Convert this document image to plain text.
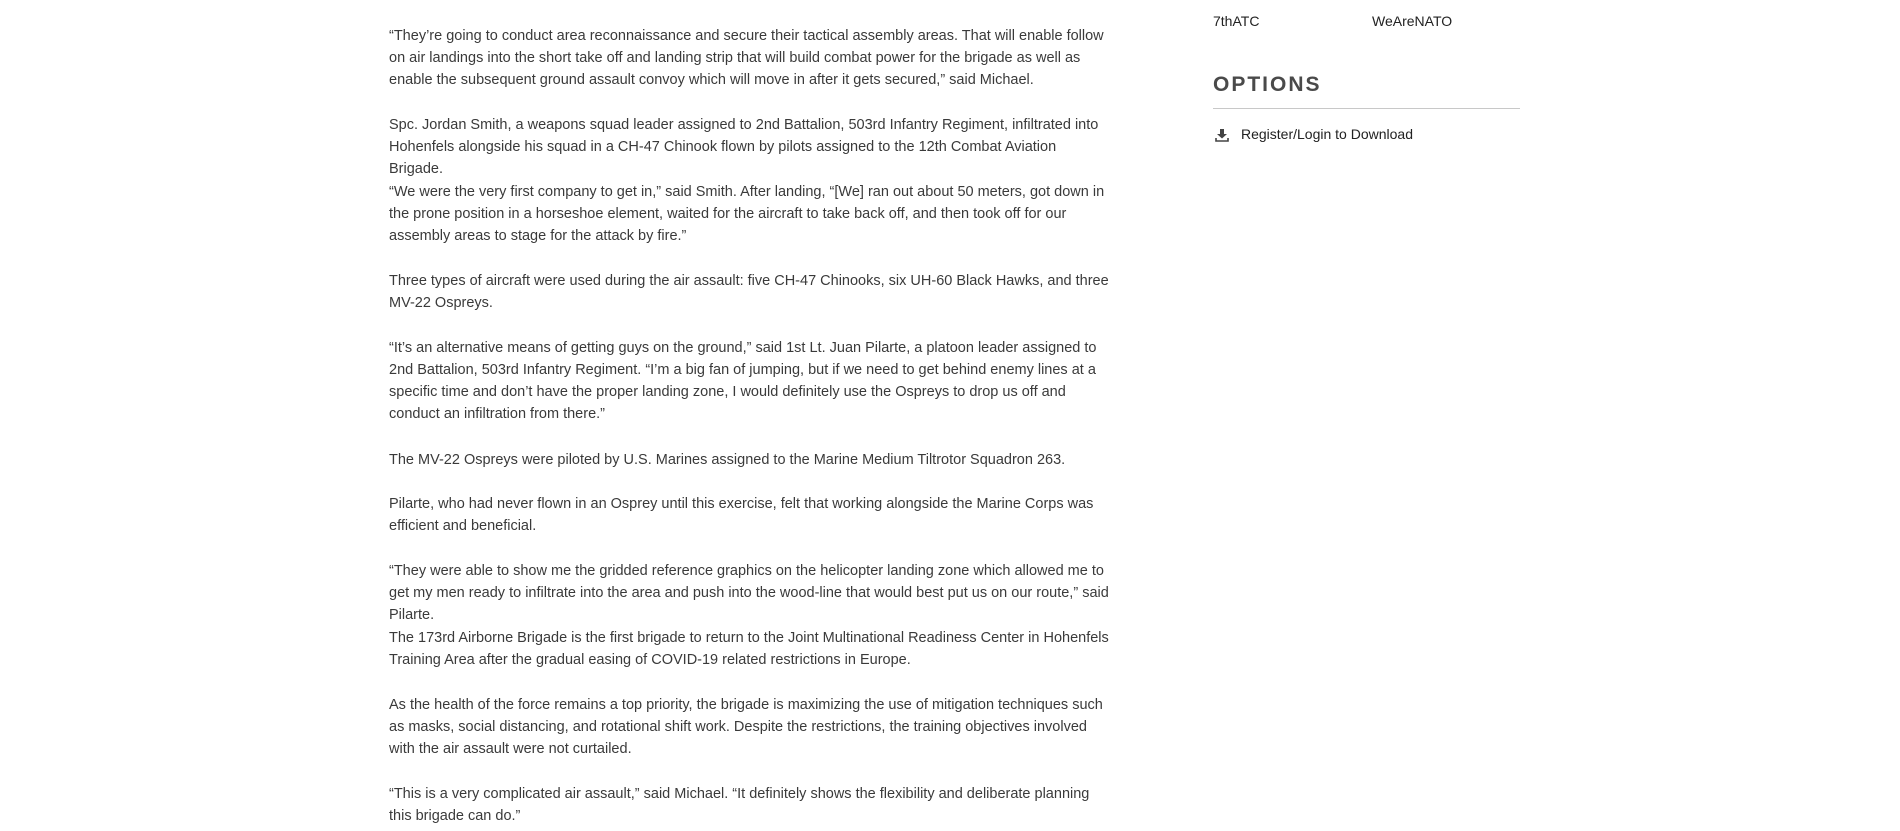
“They’re going to conduct area reconnaissance and secure their tactical assembly areas. That will enable follow on air landings into the short take off and landing strip that will build combat power for the brigade as well as enable the subsequent ground assault convoy which will move in after it gets secured,” said Michael.

Spc. Jordan Smith, a weapons squad leader assigned to 2nd Battalion, 503rd Infantry Regiment, infiltrated into Hohenfels alongside his squad in a CH-47 Chinook flown by pilots assigned to the 12th Combat Aviation Brigade.

“We were the very first company to get in,” said Smith. After landing, “[We] ran out about 50 meters, got down in the prone position in a horseshoe element, waited for the aircraft to take back off, and then took off for our assembly areas to stage for the attack by fire.”

Three types of aircraft were used during the air assault: five CH-47 Chinooks, six UH-60 Black Hawks, and three MV-22 Ospreys.

“It’s an alternative means of getting guys on the ground,” said 1st Lt. Juan Pilarte, a platoon leader assigned to 2nd Battalion, 503rd Infantry Regiment. “I’m a big fan of jumping, but if we need to get behind enemy lines at a specific time and don’t have the proper landing zone, I would definitely use the Ospreys to drop us off and conduct an infiltration from there.”

The MV-22 Ospreys were piloted by U.S. Marines assigned to the Marine Medium Tiltrotor Squadron 263.

Pilarte, who had never flown in an Osprey until this exercise, felt that working alongside the Marine Corps was efficient and beneficial.

“They were able to show me the gridded reference graphics on the helicopter landing zone which allowed me to get my men ready to infiltrate into the area and push into the wood-line that would best put us on our route,” said Pilarte.

The 173rd Airborne Brigade is the first brigade to return to the Joint Multinational Readiness Center in Hohenfels Training Area after the gradual easing of COVID-19 related restrictions in Europe.

As the health of the force remains a top priority, the brigade is maximizing the use of mitigation techniques such as masks, social distancing, and rotational shift work. Despite the restrictions, the training objectives involved with the air assault were not curtailed.

“This is a very complicated air assault,” said Michael. “It definitely shows the flexibility and deliberate planning this brigade can do.”

7thATC	WeAreNATO
OPTIONS
Register/Login to Download
